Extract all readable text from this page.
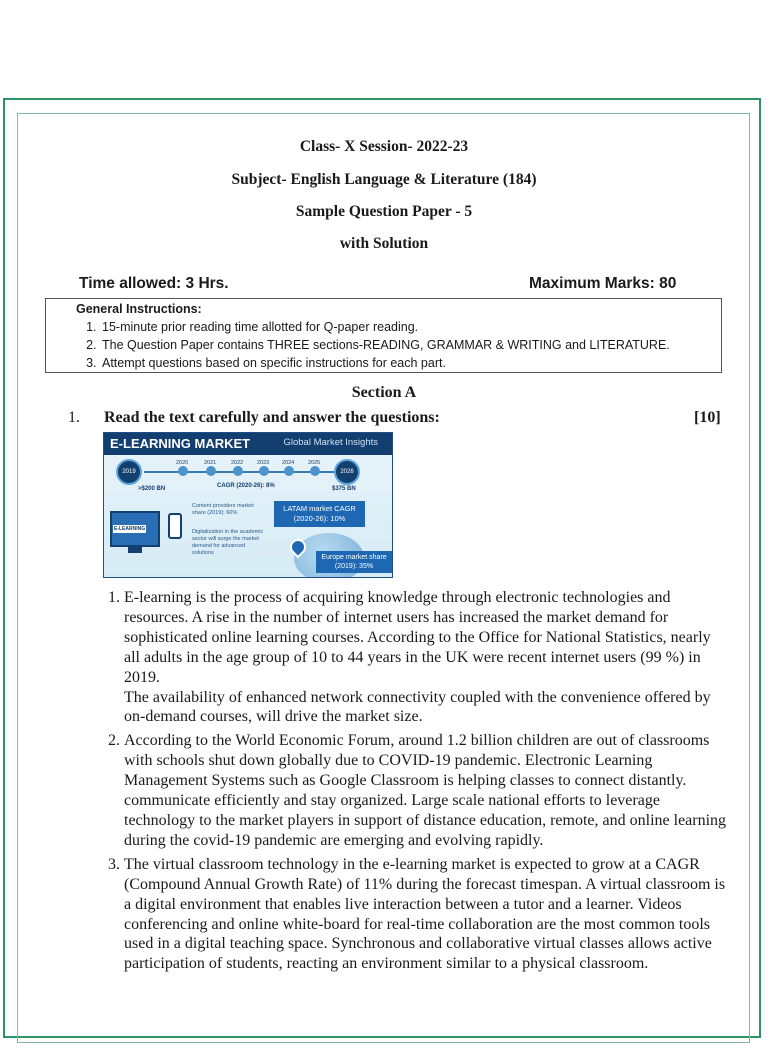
Class- X Session- 2022-23
Subject- English Language & Literature (184)
Sample Question Paper - 5
with Solution
Time allowed: 3 Hrs.	Maximum Marks: 80
General Instructions:
1. 15-minute prior reading time allotted for Q-paper reading.
2. The Question Paper contains THREE sections-READING, GRAMMAR & WRITING and LITERATURE.
3. Attempt questions based on specific instructions for each part.
Section A
1. Read the text carefully and answer the questions:	[10]
E-LEARNING MARKET	Global Market Insights
2019
2020	2021	2022	2023 2024	2025
2026
>$200 BN	CAGR (2020-26): 8%	$375 BN
E-LEARNING
Content providers market share (2019): 60%
Digitalization in the academic sector will surge the market demand for advanced solutions
LATAM market CAGR (2020-26): 10%
Europe market share (2019): 35%

1. E-learning is the process of acquiring knowledge through electronic technologies and resources. A rise in the number of internet users has increased the market demand for sophisticated online learning courses. According to the Office for National Statistics, nearly all adults in the age group of 10 to 44 years in the UK were recent internet users (99 %) in 2019.

The availability of enhanced network connectivity coupled with the convenience offered by on-demand courses, will drive the market size.

2. According to the World Economic Forum, around 1.2 billion children are out of classrooms with schools shut down globally due to COVID-19 pandemic. Electronic Learning Management Systems such as Google Classroom is helping classes to connect distantly. communicate efficiently and stay organized. Large scale national efforts to leverage technology to the market players in support of distance education, remote, and online learning during the covid-19 pandemic are emerging and evolving rapidly.

3. The virtual classroom technology in the e-learning market is expected to grow at a CAGR (Compound Annual Growth Rate) of 11% during the forecast timespan. A virtual classroom is a digital environment that enables live interaction between a tutor and a learner. Videos conferencing and online white-board for real-time collaboration are the most common tools used in a digital teaching space. Synchronous and collaborative virtual classes allows active participation of students, reacting an environment similar to a physical classroom.
